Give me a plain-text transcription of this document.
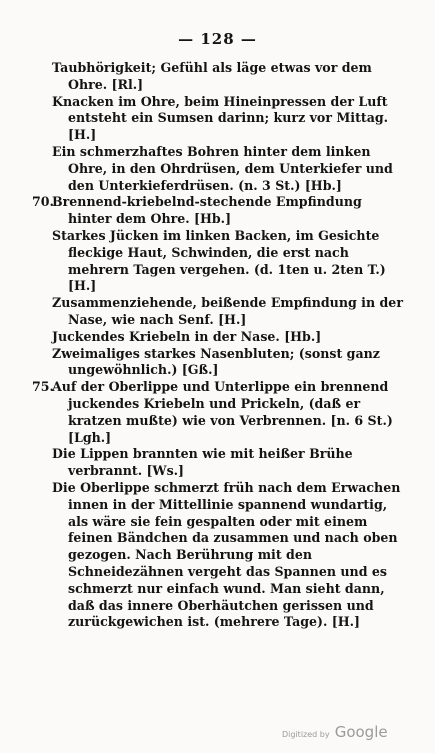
— 128 —

Taubhörigkeit; Gefühl als läge etwas vor dem Ohre. [Rl.]

Knacken im Ohre, beim Hineinpressen der Luft entsteht ein Sumsen darinn; kurz vor Mittag. [H.]

Ein schmerzhaftes Bohren hinter dem linken Ohre, in den Ohrdrüsen, dem Unterkiefer und den Unterkieferdrüsen. (n. 3 St.) [Hb.]

70.

Brennend-kriebelnd-stechende Empfindung hinter dem Ohre. [Hb.]

Starkes Jücken im linken Backen, im Gesichte fleckige Haut, Schwinden, die erst nach mehrern Tagen vergehen. (d. 1ten u. 2ten T.) [H.]

Zusammenziehende, beißende Empfindung in der Nase, wie nach Senf. [H.]

Juckendes Kriebeln in der Nase. [Hb.]

Zweimaliges starkes Nasenbluten; (sonst ganz ungewöhnlich.) [Gß.]

75.

Auf der Oberlippe und Unterlippe ein brennend juckendes Kriebeln und Prickeln, (daß er kratzen mußte) wie von Verbrennen. [n. 6 St.) [Lgh.]

Die Lippen brannten wie mit heißer Brühe verbrannt. [Ws.]

Die Oberlippe schmerzt früh nach dem Erwachen innen in der Mittellinie spannend wundartig, als wäre sie fein gespalten oder mit einem feinen Bändchen da zusammen und nach oben gezogen. Nach Berührung mit den Schneidezähnen vergeht das Spannen und es schmerzt nur einfach wund. Man sieht dann, daß das innere Oberhäutchen gerissen und zurückgewichen ist. (mehrere Tage). [H.]

Digitized by Google
